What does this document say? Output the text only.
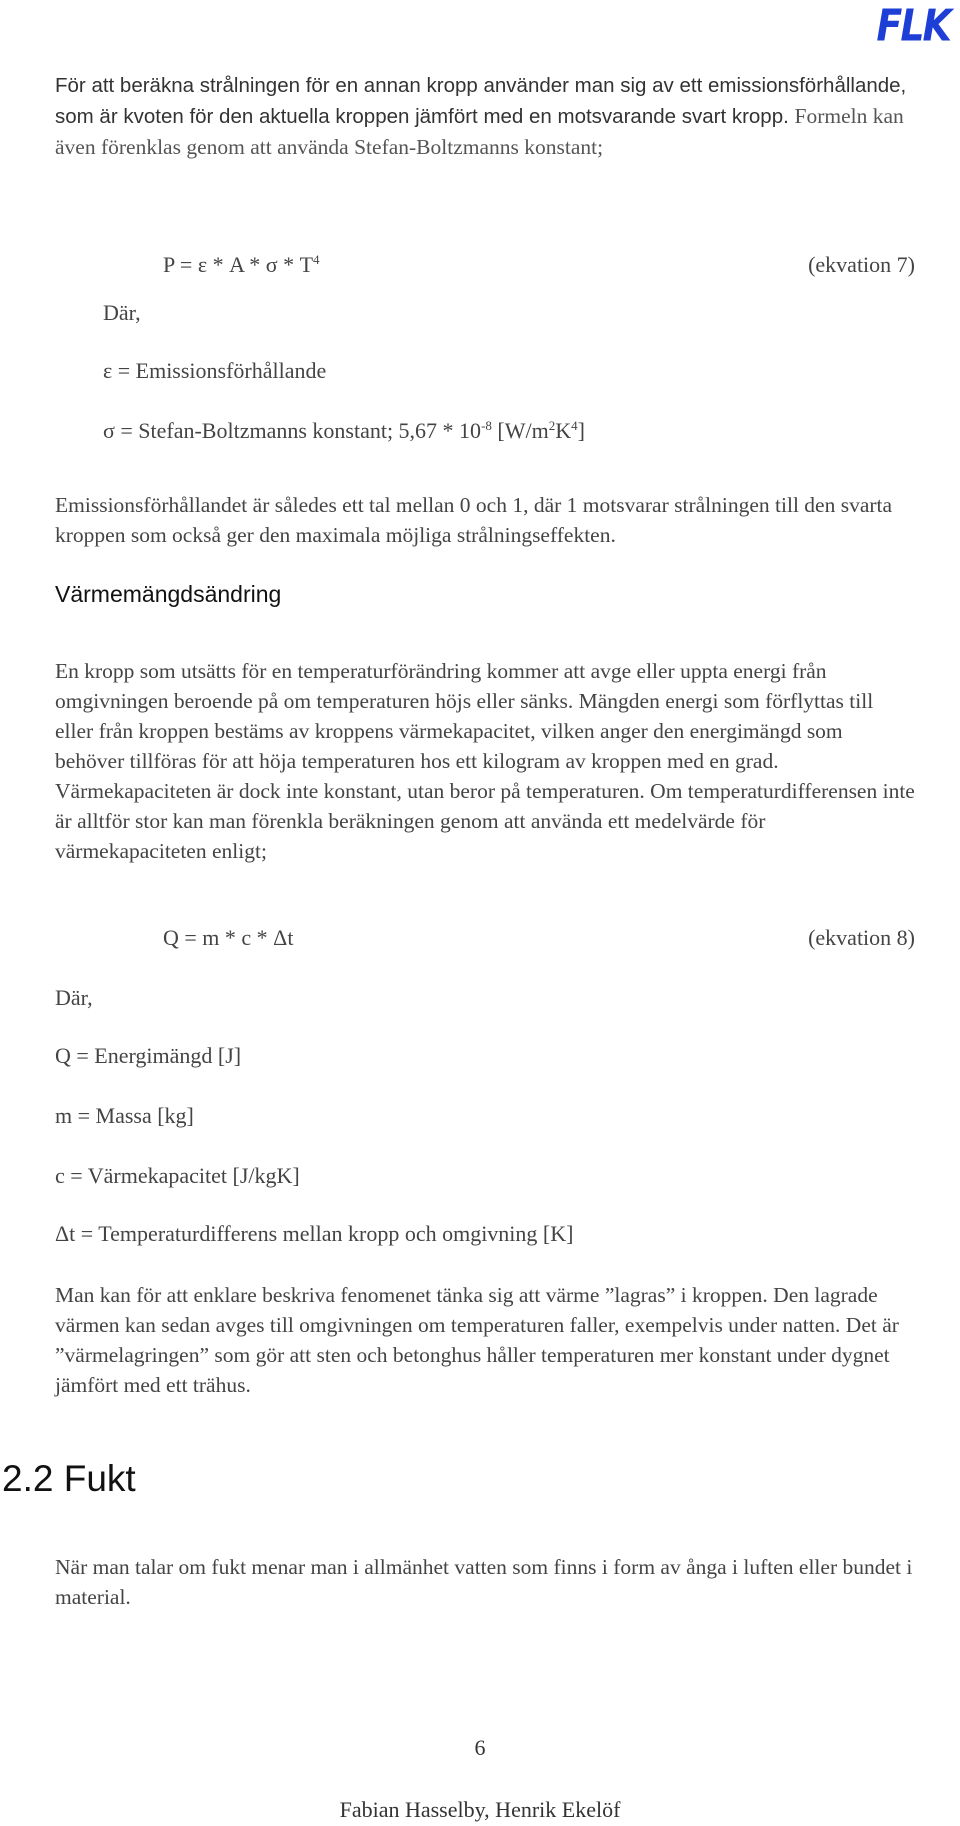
FLK

För att beräkna strålningen för en annan kropp använder man sig av ett emissionsförhållande, som är kvoten för den aktuella kroppen jämfört med en motsvarande svart kropp. Formeln kan även förenklas genom att använda Stefan-Boltzmanns konstant;

$P = \varepsilon * A * \sigma * T^4$	(ekvation 7)
Där,
ε = Emissionsförhållande
σ = Stefan-Boltzmanns konstant; $5,67 * 10^{-8}$ $[W/m^2K^4]$

Emissionsförhållandet är således ett tal mellan 0 och 1, där 1 motsvarar strålningen till den svarta kroppen som också ger den maximala möjliga strålningseffekten.

Värmemängdsändring

En kropp som utsätts för en temperaturförändring kommer att avge eller uppta energi från omgivningen beroende på om temperaturen höjs eller sänks. Mängden energi som förflyttas till eller från kroppen bestäms av kroppens värmekapacitet, vilken anger den energimängd som behöver tillföras för att höja temperaturen hos ett kilogram av kroppen med en grad. Värmekapaciteten är dock inte konstant, utan beror på temperaturen. Om temperaturdifferensen inte är alltför stor kan man förenkla beräkningen genom att använda ett medelvärde för värmekapaciteten enligt;

Q = m * c * Δt	(ekvation 8)
Där,
Q = Energimängd [J]
m = Massa [kg]
c = Värmekapacitet [J/kgK]
Δt = Temperaturdifferens mellan kropp och omgivning [K]

Man kan för att enklare beskriva fenomenet tänka sig att värme ”lagras” i kroppen. Den lagrade värmen kan sedan avges till omgivningen om temperaturen faller, exempelvis under natten. Det är ”värmelagringen” som gör att sten och betonghus håller temperaturen mer konstant under dygnet jämfört med ett trähus.

2.2 Fukt

När man talar om fukt menar man i allmänhet vatten som finns i form av ånga i luften eller bundet i material.

6
Fabian Hasselby, Henrik Ekelöf
